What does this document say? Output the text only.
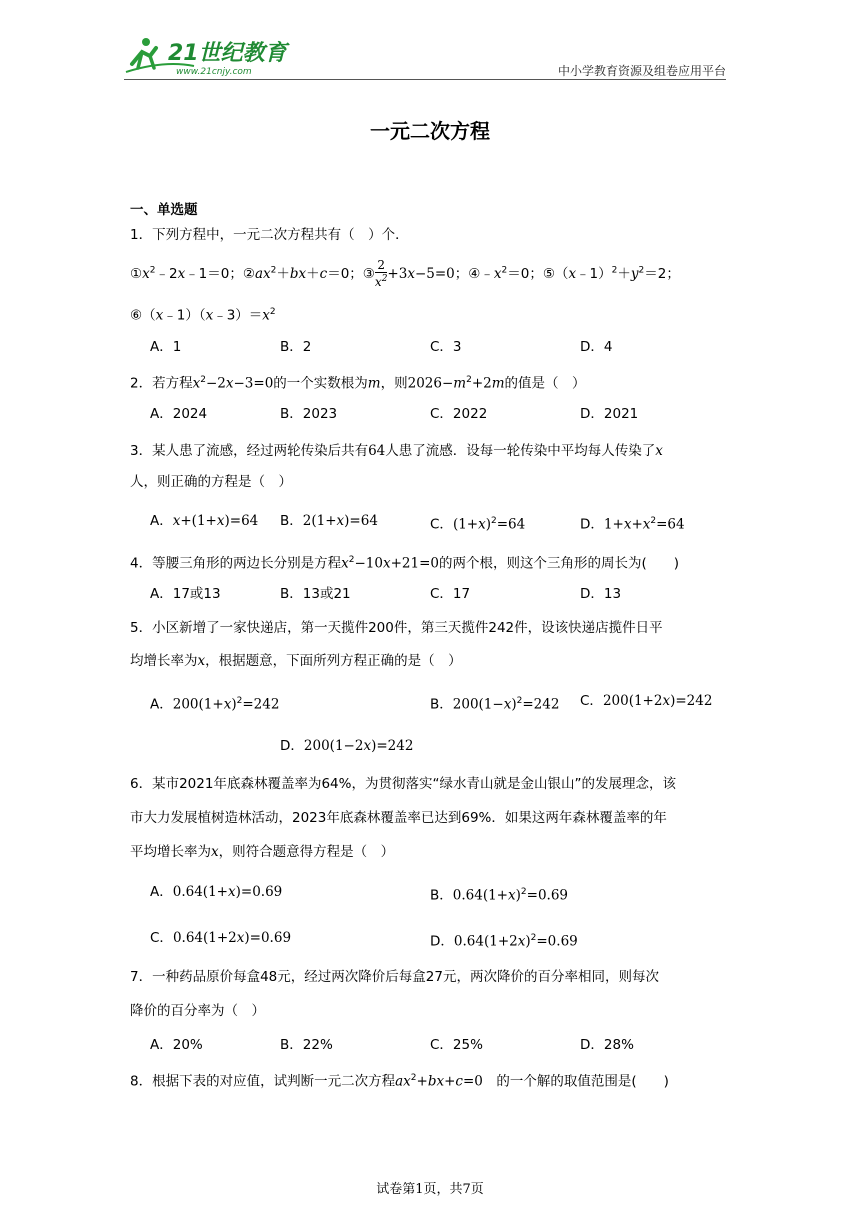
21世纪教育
www.21cnjy.com	中小学教育资源及组卷应用平台
一元二次方程
一、单选题
1．下列方程中，一元二次方程共有（　）个．
$①x^2﹣2x﹣1=0$；$②ax^2+bx+c=0$；③ $\frac{2}{x^2} +3x-5=0$；$④﹣x^2=0$；$⑤(x﹣1)^2+y^2=2$；
$⑥(x﹣1)(x﹣3)=x^2$
A．1	B．2	C．3	D．4
2．若方程$x^2-2x-3=0$的一个实数根为m，则$2026-m^2+2m$的值是（　）
A．2024	B．2023	C．2022	D．2021
3．某人患了流感，经过两轮传染后共有64人患了流感．设每一轮传染中平均每人传染了x
人，则正确的方程是（　）
A．x+(1+x)=64 B．2(1+x)=64	C．$(1+x)^2=64$	D．$1+x+x^2=64$
4．等腰三角形的两边长分别是方程$x^2-10x+21=0$的两个根，则这个三角形的周长为(　　)
A．17或13	B．13或21	C．17	D．13
5．小区新增了一家快递店，第一天揽件200件，第三天揽件242件，设该快递店揽件日平
均增长率为x，根据题意，下面所列方程正确的是（　）
A．$200(1+x)^2=242$	B．$200(1-x)^2=242$ C．200(1+2x)=242
D．200(1−2x)=242
6．某市2021年底森林覆盖率为64%，为贯彻落实“绿水青山就是金山银山”的发展理念，该
市大力发展植树造林活动，2023年底森林覆盖率已达到69%．如果这两年森林覆盖率的年
平均增长率为x，则符合题意得方程是（　）
A．0.64(1+x)=0.69	B．$0.64(1+x)^2=0.69$
C．0.64(1+2x)=0.69	D．$0.64(1+2x)^2=0.69$
7．一种药品原价每盒48元，经过两次降价后每盒27元，两次降价的百分率相同，则每次
降价的百分率为（　）
A．20%	B．22%	C．25%	D．28%
8．根据下表的对应值，试判断一元二次方程$ax^2+bx+c=0$　 的一个解的取值范围是(　　)
试卷第1页，共7页
